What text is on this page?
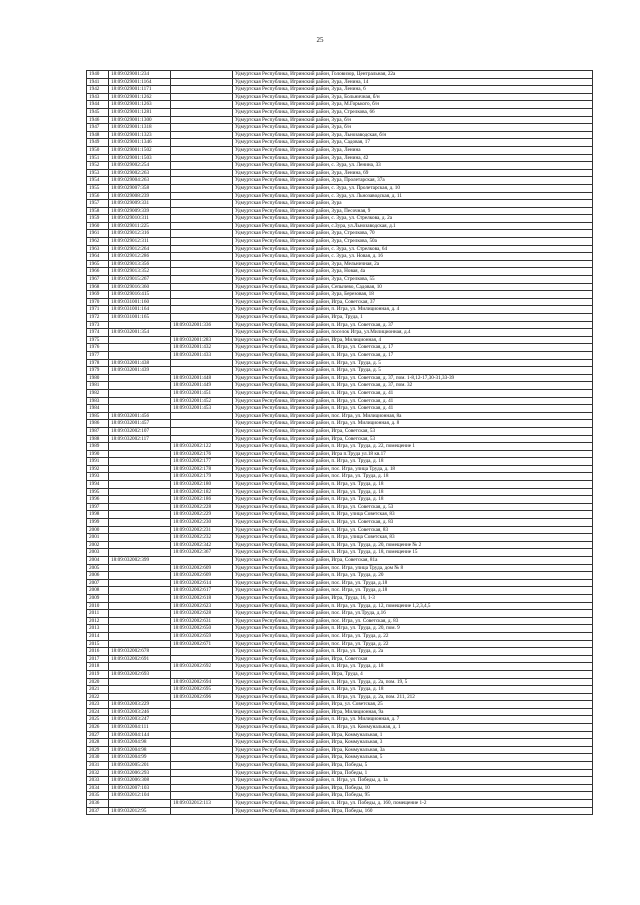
25
1940	18:09:029001:234		Удмуртская Республика, Игринский район, Головизор, Центральная, 22а
1941	18:09:029001:1164		Удмуртская Республика, Игринский район, Зура, Ленина, 14
1942	18:09:029001:1171		Удмуртская Республика, Игринский район, Зура, Ленина, 6
1943	18:09:029001:1262		Удмуртская Республика, Игринский район, Зура, Больничная, б/н
1944	18:09:029001:1263		Удмуртская Республика, Игринский район, Зура, М.Горького, б/н
1945	18:09:029001:1281		Удмуртская Республика, Игринский район, Зура, Стрелкова, 66
1946	18:09:029001:1300		Удмуртская Республика, Игринский район, Зура, б/н
1947	18:09:029001:1318		Удмуртская Республика, Игринский район, Зура, б/н
1948	18:09:029001:1323		Удмуртская Республика, Игринский район, Зура, Льнозаводская, б/н
1949	18:09:029001:1346		Удмуртская Республика, Игринский район, Зура, Садовая, 17
1950	18:09:029001:1502		Удмуртская Республика, Игринский район, Зура, Ленина
1951	18:09:029001:1503		Удмуртская Республика, Игринский район, Зура, Ленина, 42
1952	18:09:029002:254		Удмуртская Республика, Игринский район, с. Зура, ул. Ленина, 33
1953	18:09:029002:263		Удмуртская Республика, Игринский район, Зура, Ленина, 69
1954	18:09:029004:263		Удмуртская Республика, Игринский район, Зура, Пролетарская, 37а
1955	18:09:029007:358		Удмуртская Республика, Игринский район, с. Зура, ул. Пролетарская, д. 10
1956	18:09:029008:239		Удмуртская Республика, Игринский район, с. Зура, ул. Льнозаводская, д. 11
1957	18:09:029009:331		Удмуртская Республика, Игринский район, Зура
1958	18:09:029009:339		Удмуртская Республика, Игринский район, Зура, Песочная, 9
1959	18:09:029010:311		Удмуртская Республика, Игринский район, с. Зура, ул. Стрелкова, д. 2а
1960	18:09:029011:225		Удмуртская Республика, Игринский район, с.Зура, ул.Льнозаводская, д.1
1961	18:09:029012:316		Удмуртская Республика, Игринский район, Зура, Стрелкова, 70
1962	18:09:029012:311		Удмуртская Республика, Игринский район, Зура, Стрелкова, 50а
1963	18:09:029012:264		Удмуртская Республика, Игринский район, с. Зура, ул. Стрелкова, 64
1964	18:09:029012:286		Удмуртская Республика, Игринский район, с. Зура, ул. Новая, д. 16
1965	18:09:029013:356		Удмуртская Республика, Игринский район, Зура, Мельничная, 2а
1966	18:09:029013:352		Удмуртская Республика, Игринский район, Зура, Новая, 4а
1967	18:09:029015:267		Удмуртская Республика, Игринский район, Зура, Стрелкова, 55
1968	18:09:029016:360		Удмуртская Республика, Игринский район, Сепычево, Садовая, 10
1969	18:09:029016:415		Удмуртская Республика, Игринский район, Зура, Березовая, 18
1970	18:09:031001:160		Удмуртская Республика, Игринский район, Игра, Советская, 37
1971	18:09:031001:164		Удмуртская Республика, Игринский район, п. Игра, ул. Милиционная, д. 4
1972	18:09:031001:165		Удмуртская Республика, Игринский район, Игра, Труда, 1
1973		18:09:032001:336	Удмуртская Республика, Игринский район, п. Игра, ул. Советская, д. 37
1974	18:09:032001:354		Удмуртская Республика, Игринский район, поселок Игра, ул.Милиционная, д.4
1975		18:09:032001:283	Удмуртская Республика, Игринский район, Игра, Милиционная, 4
1976		18:09:032001:432	Удмуртская Республика, Игринский район, п. Игра, ул. Советская, д. 17
1977		18:09:032001:433	Удмуртская Республика, Игринский район, п. Игра, ул. Советская, д. 17
1978	18:09:032001:438		Удмуртская Республика, Игринский район, п. Игра, ул. Труда, д. 5
1979	18:09:032001:439		Удмуртская Республика, Игринский район, п. Игра, ул. Труда, д. 5
1980		18:09:032001:448	Удмуртская Республика, Игринский район, п. Игра, ул. Советская, д. 37, пом. 1-8,12-17,30-31,33-39
1981		18:09:032001:449	Удмуртская Республика, Игринский район, п. Игра, ул. Советская, д. 37, пом. 32
1982		18:09:032001:451	Удмуртская Республика, Игринский район, п. Игра, ул. Советская, д. 41
1983		18:09:032001:452	Удмуртская Республика, Игринский район, п. Игра, ул. Советская, д. 41
1984		18:09:032001:453	Удмуртская Республика, Игринский район, п. Игра, ул. Советская, д. 41
1985	18:09:032001:456		Удмуртская Республика, Игринский район, пос. Игра, ул. Милиционная, 8а
1986	18:09:032001:457		Удмуртская Республика, Игринский район, п. Игра, ул. Милиционная, д. 8
1987	18:09:032002:107		Удмуртская Республика, Игринский район, Игра, Советская, 53
1988	18:09:032002:117		Удмуртская Республика, Игринский район, Игра, Советская, 53
1989		18:09:032002:122	Удмуртская Республика, Игринский район, п. Игра, ул. Труда, д. 22, помещение 1
1990		18:09:032002:176	Удмуртская Республика, Игринский район, Игра п.Труда ул.18 кв.17
1991		18:09:032002:177	Удмуртская Республика, Игринский район, п. Игра, ул. Труда, д. 18
1992		18:09:032002:178	Удмуртская Республика, Игринский район, пос. Игра, улица Труда, д. 18
1993		18:09:032002:179	Удмуртская Республика, Игринский район, пос. Игра, ул. Труда, д. 18
1994		18:09:032002:180	Удмуртская Республика, Игринский район, п. Игра, ул. Труда, д. 18
1995		18:09:032002:182	Удмуртская Республика, Игринский район, п. Игра, ул. Труда, д. 18
1996		18:09:032002:186	Удмуртская Республика, Игринский район, п. Игра, ул. Труда, д. 18
1997		18:09:032002:228	Удмуртская Республика, Игринский район, п. Игра, ул. Советская, д. 53
1998		18:09:032002:229	Удмуртская Республика, Игринский район, п. Игра, улица Советская, 83
1999		18:09:032002:230	Удмуртская Республика, Игринский район, п. Игра, ул. Советская, д. 83
2000		18:09:032002:231	Удмуртская Республика, Игринский район, п. Игра, ул. Советская, 83
2001		18:09:032002:232	Удмуртская Республика, Игринский район, п. Игра, улица Советская, 83
2002		18:09:032002:342	Удмуртская Республика, Игринский район, п. Игра, ул. Труда, д. 20, помещение № 2
2003		18:09:032002:367	Удмуртская Республика, Игринский район, п. Игра, ул. Труда, д. 18, помещение 15
2004	18:09:032002:399		Удмуртская Республика, Игринский район, Игра, Советская, 81а
2005		18:09:032002:609	Удмуртская Республика, Игринский район, пос. Игра, улица Труда, дом № 8
2006		18:09:032002:609	Удмуртская Республика, Игринский район, п. Игра, ул. Труда, д. 20
2007		18:09:032002:614	Удмуртская Республика, Игринский район, пос. Игра, ул. Труда, д.18
2008		18:09:032002:617	Удмуртская Республика, Игринский район, пос. Игра, ул. Труда, д.18
2009		18:09:032002:618	Удмуртская Республика, Игринский район, Игра, Труда, 16, 1-3
2010		18:09:032002:623	Удмуртская Республика, Игринский район, п. Игра, ул. Труда, д. 12, помещение 1,2,3,4,5
2011		18:09:032002:628	Удмуртская Республика, Игринский район, пос. Игра, ул.Труда, д.16
2012		18:09:032002:631	Удмуртская Республика, Игринский район, пос. Игра, ул. Советская, д. 83
2013		18:09:032002:650	Удмуртская Республика, Игринский район, п. Игра, ул. Труда, д. 20, пом. 9
2014		18:09:032002:659	Удмуртская Республика, Игринский район, пос. Игра, ул. Труда, д. 22
2015		18:09:032002:671	Удмуртская Республика, Игринский район, пос. Игра, ул. Труда, д. 22
2016	18:09:032002:678		Удмуртская Республика, Игринский район, п. Игра, ул. Труда, д. 2а
2017	18:09:032002:691		Удмуртская Республика, Игринский район, Игра, Советская
2018		18:09:032002:692	Удмуртская Республика, Игринский район, п. Игра, ул. Труда, д. 18
2019	18:09:032002:693		Удмуртская Республика, Игринский район, Игра, Труда, 4
2020		18:09:032002:694	Удмуртская Республика, Игринский район, п. Игра, ул. Труда, д. 2а, пом. 19, 5
2021		18:09:032002:695	Удмуртская Республика, Игринский район, п. Игра, ул. Труда, д. 18
2022		18:09:032002:696	Удмуртская Республика, Игринский район, п. Игра, ул. Труда, д. 2а, пом. 211, 212
2023	18:09:032003:229		Удмуртская Республика, Игринский район, Игра, ул. Советская, 25
2024	18:09:032003:246		Удмуртская Республика, Игринский район, Игра, Милиционная, 9а
2025	18:09:032003:247		Удмуртская Республика, Игринский район, п. Игра, ул. Милиционная, д. 7
2026	18:09:032004:111		Удмуртская Республика, Игринский район, п. Игра, ул. Коммунальная, д. 1
2027	18:09:032004:144		Удмуртская Республика, Игринский район, Игра, Коммунальная, 1
2028	18:09:032004:98		Удмуртская Республика, Игринский район, Игра, Коммунальная, 3
2029	18:09:032004:98		Удмуртская Республика, Игринский район, Игра, Коммунальная, 3а
2030	18:09:032004:99		Удмуртская Республика, Игринский район, Игра, Коммунальная, 5
2031	18:09:032005:201		Удмуртская Республика, Игринский район, Игра, Победы, 5
2032	18:09:032006:293		Удмуртская Республика, Игринский район, Игра, Победы, 1
2033	18:09:032006:308		Удмуртская Республика, Игринский район, п. Игра, ул. Победы, д. 1а
2034	18:09:032007:103		Удмуртская Республика, Игринский район, Игра, Победы, 10
2035	18:09:032012:104		Удмуртская Республика, Игринский район, Игра, Победы, 95
2036		18:09:032012:113	Удмуртская Республика, Игринский район, п. Игра, ул. Победы, д. 160, помещение 1-2
2037	18:09:032012:95		Удмуртская Республика, Игринский район, Игра, Победы, 160
